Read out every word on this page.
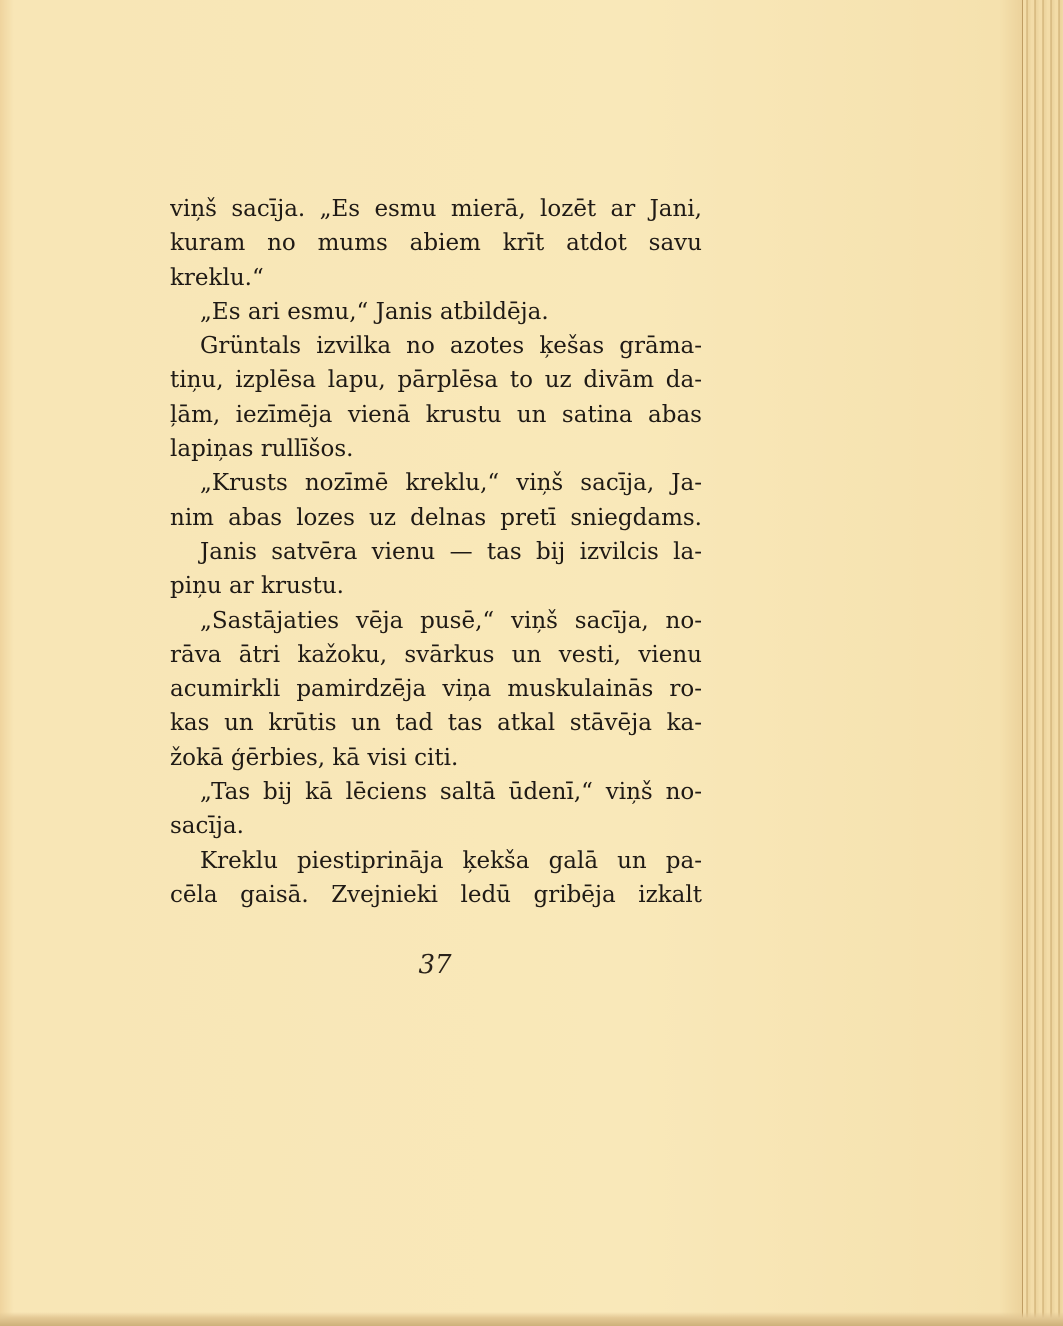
viņš sacīja. „Es esmu mierā, lozēt ar Jani,
kuram no mums abiem krīt atdot savu
kreklu.“
„Es ari esmu,“ Janis atbildēja.
Grüntals izvilka no azotes ķešas grāma-
tiņu, izplēsa lapu, pārplēsa to uz divām da-
ļām, iezīmēja vienā krustu un satina abas
lapiņas rullīšos.
„Krusts nozīmē kreklu,“ viņš sacīja, Ja-
nim abas lozes uz delnas pretī sniegdams.
Janis satvēra vienu — tas bij izvilcis la-
piņu ar krustu.
„Sastājaties vēja pusē,“ viņš sacīja, no-
rāva ātri kažoku, svārkus un vesti, vienu
acumirkli pamirdzēja viņa muskulainās ro-
kas un krūtis un tad tas atkal stāvēja ka-
žokā ģērbies, kā visi citi.
„Tas bij kā lēciens saltā ūdenī,“ viņš no-
sacīja.
Kreklu piestiprināja ķekša galā un pa-
cēla gaisā. Zvejnieki ledū gribēja izkalt
37
